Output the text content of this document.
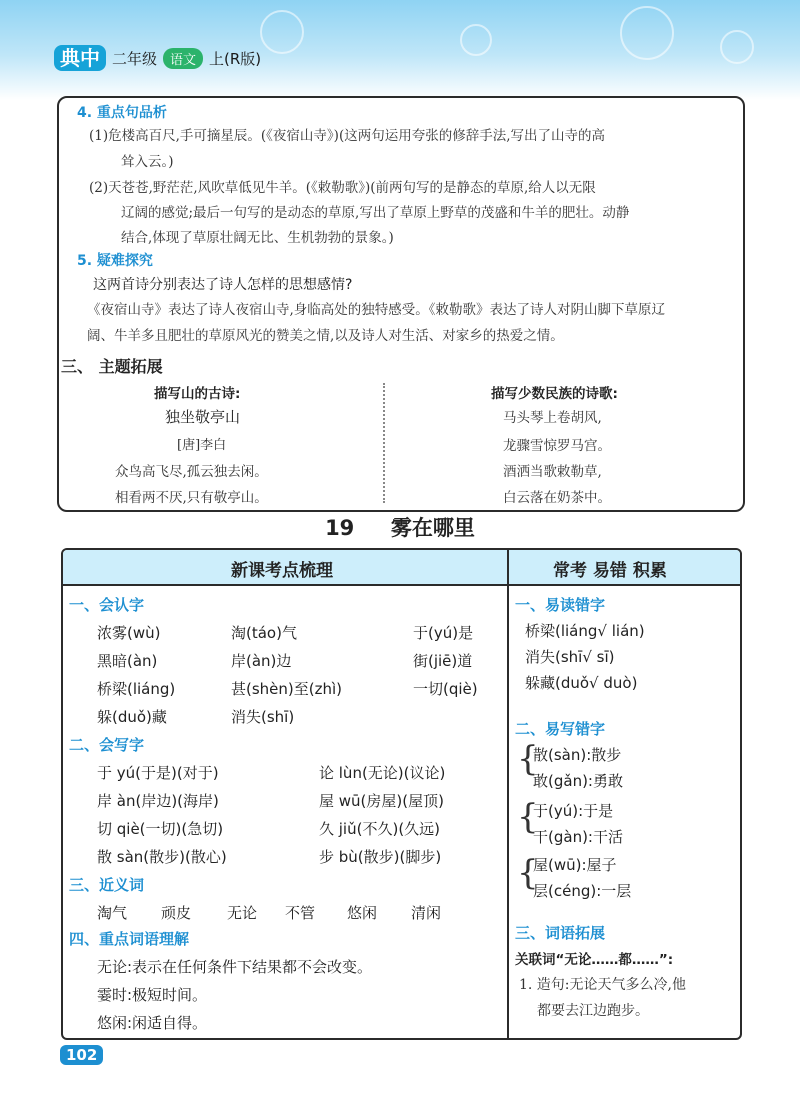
典中 二年级	语文 上(R版)
4. 重点句品析
(1)危楼高百尺,手可摘星辰。(《夜宿山寺》)(这两句运用夸张的修辞手法,写出了山寺的高
耸入云。)
(2)天苍苍,野茫茫,风吹草低见牛羊。(《敕勒歌》)(前两句写的是静态的草原,给人以无限
辽阔的感觉;最后一句写的是动态的草原,写出了草原上野草的茂盛和牛羊的肥壮。动静
结合,体现了草原壮阔无比、生机勃勃的景象。)
5. 疑难探究
这两首诗分别表达了诗人怎样的思想感情?
《夜宿山寺》表达了诗人夜宿山寺,身临高处的独特感受。《敕勒歌》表达了诗人对阴山脚下草原辽
阔、牛羊多且肥壮的草原风光的赞美之情,以及诗人对生活、对家乡的热爱之情。
三、 主题拓展
描写山的古诗:
独坐敬亭山
[唐]李白
众鸟高飞尽,孤云独去闲。
相看两不厌,只有敬亭山。
描写少数民族的诗歌:
马头琴上卷胡风,
龙骤雪惊罗马宫。
酒洒当歌敕勒草,
白云落在奶茶中。
19 雾在哪里
新课考点梳理	常考 易错 积累
一、会认字
浓雾(wù)	淘(táo)气	于(yú)是
黑暗(àn)	岸(àn)边	街(jiē)道
桥梁(liáng)	甚(shèn)至(zhì)	一切(qiè)
躲(duǒ)藏	消失(shī)
二、会写字
于 yú(于是)(对于)	论 lùn(无论)(议论)
岸 àn(岸边)(海岸)	屋 wū(房屋)(屋顶)
切 qiè(一切)(急切)	久 jiǔ(不久)(久远)
散 sàn(散步)(散心)	步 bù(散步)(脚步)
三、近义词
淘气 顽皮 无论 不管 悠闲 清闲
四、重点词语理解
无论:表示在任何条件下结果都不会改变。
霎时:极短时间。
悠闲:闲适自得。
一、易读错字
桥梁(liáng√ lián)
消失(shī√ sī)
躲藏(duǒ√ duò)
二、易写错字
{
散(sàn):散步
敢(gǎn):勇敢
{
于(yú):于是
干(gàn):干活
{
屋(wū):屋子
层(céng):一层
三、词语拓展
关联词“无论……都……”:
1. 造句:无论天气多么冷,他
都要去江边跑步。
102
